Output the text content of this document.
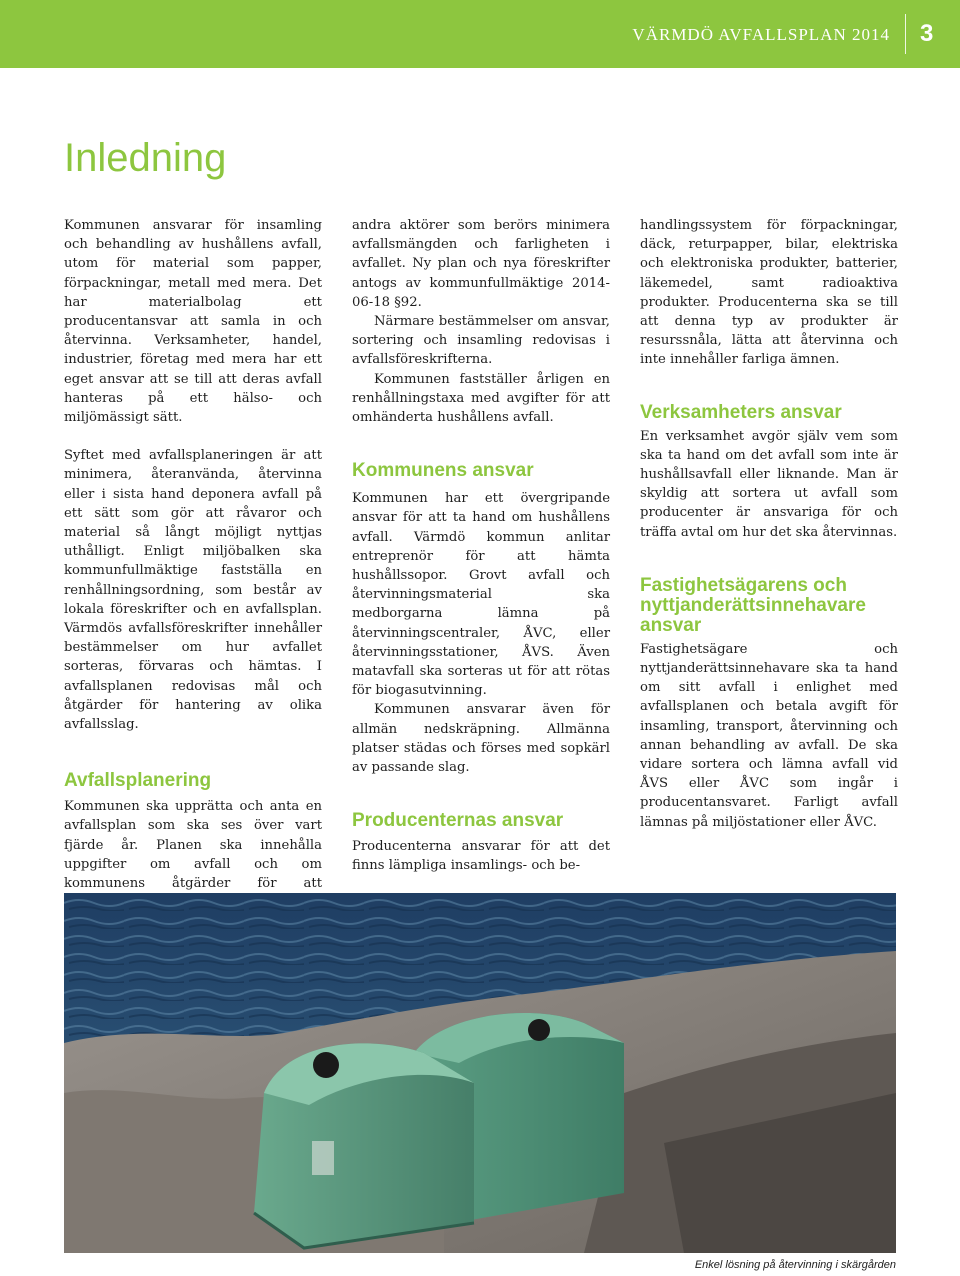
VÄRMDÖ AVFALLSPLAN 2014 3
Inledning

Kommunen ansvarar för insamling och behandling av hushållens avfall, utom för material som papper, förpackningar, metall med mera. Det har materialbolag ett producentansvar att samla in och återvinna. Verksamheter, handel, industrier, företag med mera har ett eget ansvar att se till att deras avfall hanteras på ett hälso- och miljömässigt sätt.

Syftet med avfallsplaneringen är att minimera, återanvända, återvinna eller i sista hand deponera avfall på ett sätt som gör att råvaror och material så långt möjligt nyttjas uthålligt. Enligt miljöbalken ska kommunfullmäktige fastställa en renhållningsordning, som består av lokala föreskrifter och en avfallsplan. Värmdös avfallsföreskrifter innehåller bestämmelser om hur avfallet sorteras, förvaras och hämtas. I avfallsplanen redovisas mål och åtgärder för hantering av olika avfallsslag.

Avfallsplanering

Kommunen ska upprätta och anta en avfallsplan som ska ses över vart fjärde år. Planen ska innehålla uppgifter om avfall och om kommunens åtgärder för att

andra aktörer som berörs minimera avfallsmängden och farligheten i avfallet. Ny plan och nya föreskrifter antogs av kommunfullmäktige 2014-06-18 §92.

Närmare bestämmelser om ansvar, sortering och insamling redovisas i avfallsföreskrifterna.

Kommunen fastställer årligen en renhållningstaxa med avgifter för att omhänderta hushållens avfall.

Kommunens ansvar

Kommunen har ett övergripande ansvar för att ta hand om hushållens avfall. Värmdö kommun anlitar entreprenör för att hämta hushållssopor. Grovt avfall och återvinningsmaterial ska medborgarna lämna på återvinningscentraler, ÅVC, eller återvinningsstationer, ÅVS. Även matavfall ska sorteras ut för att rötas för biogasutvinning.

Kommunen ansvarar även för allmän nedskräpning. Allmänna platser städas och förses med sopkärl av passande slag.

Producenternas ansvar

Producenterna ansvarar för att det finns lämpliga insamlings- och be-

handlingssystem för förpackningar, däck, returpapper, bilar, elektriska och elektroniska produkter, batterier, läkemedel, samt radioaktiva produkter. Producenterna ska se till att denna typ av produkter är resurssnåla, lätta att återvinna och inte innehåller farliga ämnen.

Verksamheters ansvar

En verksamhet avgör själv vem som ska ta hand om det avfall som inte är hushållsavfall eller liknande. Man är skyldig att sortera ut avfall som producenter är ansvariga för och träffa avtal om hur det ska återvinnas.

Fastighetsägarens och nyttjanderättsinnehavare ansvar

Fastighetsägare och nyttjanderättsinnehavare ska ta hand om sitt avfall i enlighet med avfallsplanen och betala avgift för insamling, transport, återvinning och annan behandling av avfall. De ska vidare sortera och lämna avfall vid ÅVS eller ÅVC som ingår i producentansvaret. Farligt avfall lämnas på miljöstationer eller ÅVC.

Enkel lösning på återvinning i skärgården
